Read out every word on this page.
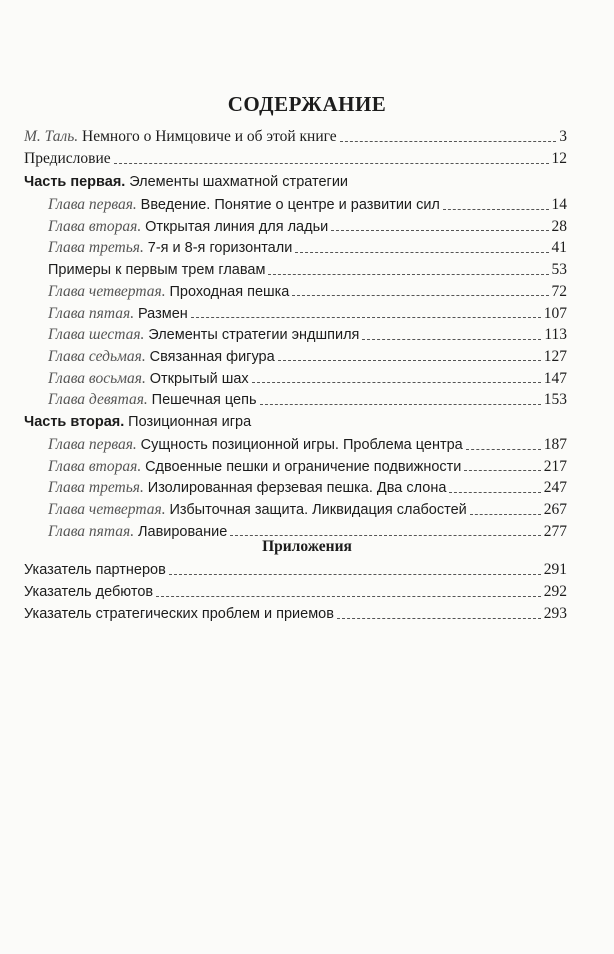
СОДЕРЖАНИЕ
М. Таль. Немного о Нимцовиче и об этой книге	3
Предисловие	12
Часть первая. Элементы шахматной стратегии
Глава первая. Введение. Понятие о центре и развитии сил	14
Глава вторая. Открытая линия для ладьи	28
Глава третья. 7-я и 8-я горизонтали	41
Примеры к первым трем главам	53
Глава четвертая. Проходная пешка	72
Глава пятая. Размен	107
Глава шестая. Элементы стратегии эндшпиля	113
Глава седьмая. Связанная фигура	127
Глава восьмая. Открытый шах	147
Глава девятая. Пешечная цепь	153
Часть вторая. Позиционная игра
Глава первая. Сущность позиционной игры. Проблема центра	187
Глава вторая. Сдвоенные пешки и ограничение подвижности	217
Глава третья. Изолированная ферзевая пешка. Два слона	247
Глава четвертая. Избыточная защита. Ликвидация слабостей	267
Глава пятая. Лавирование	277
Приложения
Указатель партнеров	291
Указатель дебютов	292
Указатель стратегических проблем и приемов	293
